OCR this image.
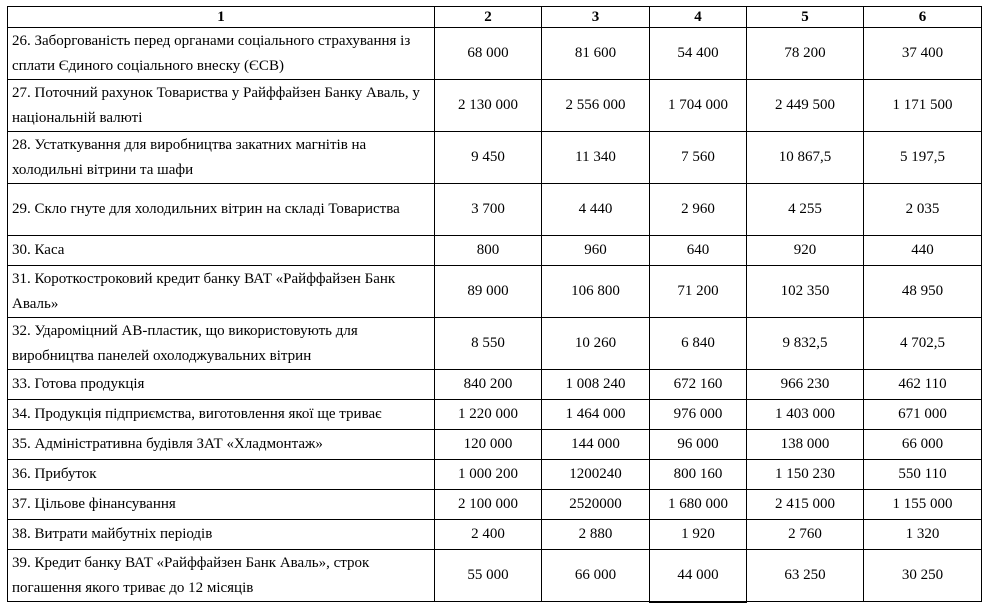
1	2	3	4	5	6
26. Заборгованість перед органами соціального страхування із сплати Єдиного соціального внеску (ЄСВ)	68 000	81 600	54 400	78 200	37 400
27. Поточний рахунок Товариства у Райффайзен Банку Аваль, у національній валюті	2 130 000	2 556 000	1 704 000	2 449 500	1 171 500
28. Устаткування для виробництва закатних магнітів на холодильні вітрини та шафи	9 450	11 340	7 560	10 867,5	5 197,5
29. Скло гнуте для холодильних вітрин на складі Товариства	3 700	4 440	2 960	4 255	2 035
30. Каса	800	960	640	920	440
31. Короткостроковий кредит банку ВАТ «Райффайзен Банк Аваль»	89 000	106 800	71 200	102 350	48 950
32. Удароміцний АВ-пластик, що використовують для виробництва панелей охолоджувальних вітрин	8 550	10 260	6 840	9 832,5	4 702,5
33. Готова продукція	840 200	1 008 240	672 160	966 230	462 110
34. Продукція підприємства, виготовлення якої ще триває	1 220 000	1 464 000	976 000	1 403 000	671 000
35. Адміністративна будівля ЗАТ «Хладмонтаж»	120 000	144 000	96 000	138 000	66 000
36. Прибуток	1 000 200	1200240	800 160	1 150 230	550 110
37. Цільове фінансування	2 100 000	2520000	1 680 000	2 415 000	1 155 000
38. Витрати майбутніх періодів	2 400	2 880	1 920	2 760	1 320
39. Кредит банку ВАТ «Райффайзен Банк Аваль», строк погашення якого триває до 12 місяців	55 000	66 000	44 000	63 250	30 250
